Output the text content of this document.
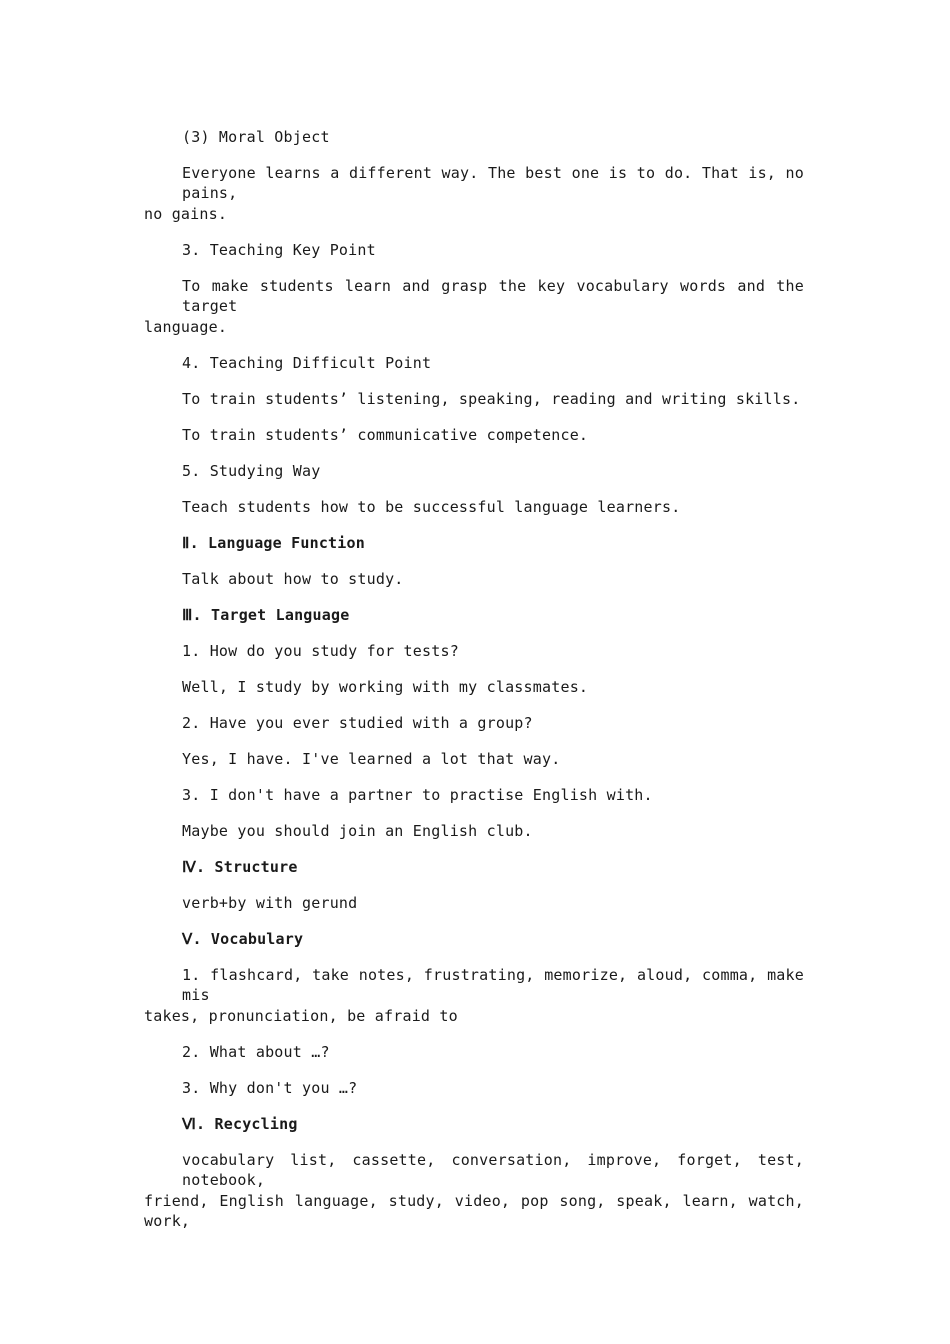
(3) Moral Object
Everyone learns a different way. The best one is to do. That is, no pains,
no gains.
3. Teaching Key Point
To make students learn and grasp the key vocabulary words and the target
language.
4. Teaching Difficult Point
To train students’ listening, speaking, reading and writing skills.
To train students’ communicative competence.
5. Studying Way
Teach students how to be successful language learners.
Ⅱ. Language Function
Talk about how to study.
Ⅲ. Target Language
1. How do you study for tests?
Well, I study by working with my classmates.
2. Have you ever studied with a group?
Yes, I have. I've learned a lot that way.
3. I don't have a partner to practise English with.
Maybe you should join an English club.
Ⅳ. Structure
verb+by with gerund
Ⅴ. Vocabulary
1. flashcard, take notes, frustrating, memorize, aloud, comma, make mis
takes, pronunciation, be afraid to
2. What about …?
3. Why don't you …?
Ⅵ. Recycling
vocabulary list, cassette, conversation, improve, forget, test, notebook,
friend, English language, study, video, pop song, speak, learn, watch, work,
